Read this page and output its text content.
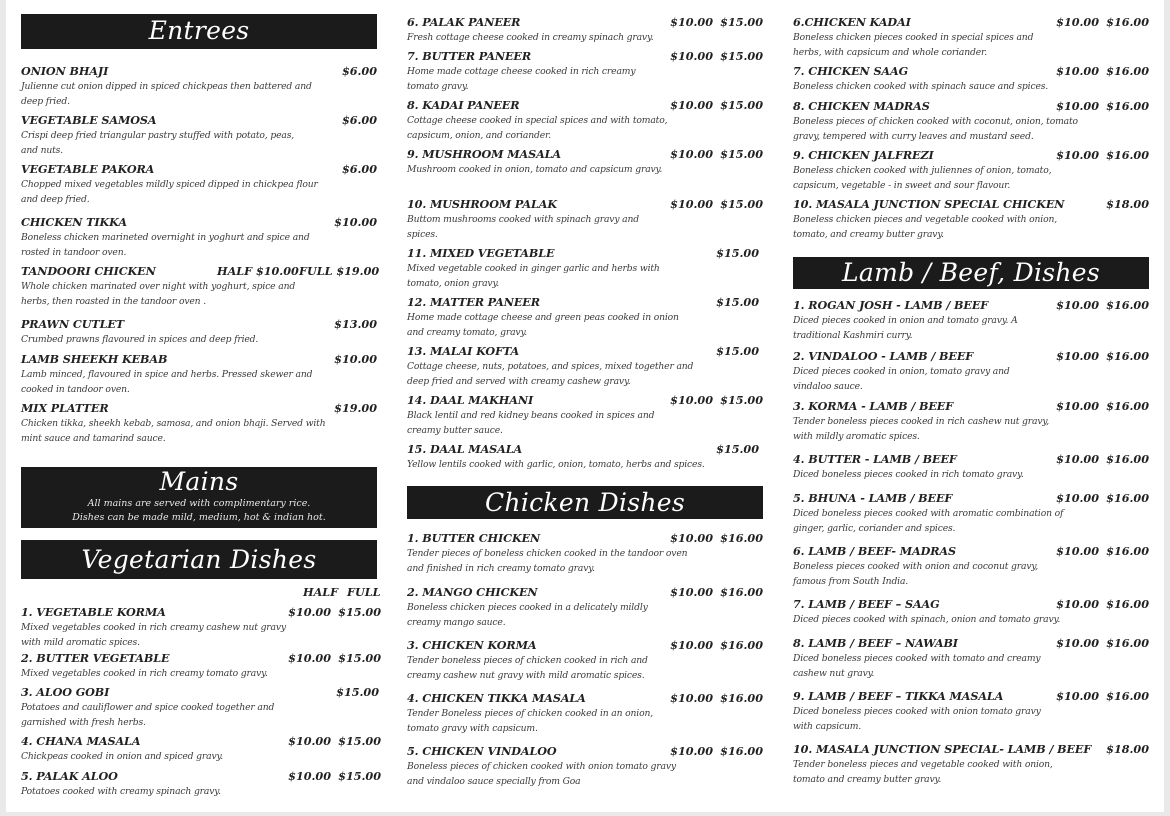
Entrees
ONION BHAJI	$6.00

Julienne cut onion dipped in spiced chickpeas then battered and deep fried.

VEGETABLE SAMOSA	$6.00

Crispi deep fried triangular pastry stuffed with potato, peas, and nuts.

VEGETABLE PAKORA	$6.00

Chopped mixed vegetables mildly spiced dipped in chickpea flour and deep fried.

CHICKEN TIKKA	$10.00

Boneless chicken marineted overnight in yoghurt and spice and rosted in tandoor oven.

TANDOORI CHICKEN	HALF $10.00 FULL $19.00

Whole chicken marinated over night with yoghurt, spice and herbs, then roasted in the tandoor oven .

PRAWN CUTLET	$13.00

Crumbed prawns flavoured in spices and deep fried.

LAMB SHEEKH KEBAB	$10.00

Lamb minced, flavoured in spice and herbs. Pressed skewer and cooked in tandoor oven.

MIX PLATTER	$19.00

Chicken tikka, sheekh kebab, samosa, and onion bhaji. Served with mint sauce and tamarind sauce.

Mains
All mains are served with complimentary rice.
Dishes can be made mild, medium, hot & indian hot.
Vegetarian Dishes
HALF FULL
1. VEGETABLE KORMA	$10.00 $15.00

Mixed vegetables cooked in rich creamy cashew nut gravy with mild aromatic spices.

2. BUTTER VEGETABLE	$10.00 $15.00

Mixed vegetables cooked in rich creamy tomato gravy.

3. ALOO GOBI	$15.00

Potatoes and cauliflower and spice cooked together and garnished with fresh herbs.

4. CHANA MASALA	$10.00 $15.00

Chickpeas cooked in onion and spiced gravy.

5. PALAK ALOO	$10.00 $15.00

Potatoes cooked with creamy spinach gravy.

6. PALAK PANEER	$10.00 $15.00

Fresh cottage cheese cooked in creamy spinach gravy.

7. BUTTER PANEER	$10.00 $15.00

Home made cottage cheese cooked in rich creamy tomato gravy.

8. KADAI PANEER	$10.00 $15.00

Cottage cheese cooked in special spices and with tomato, capsicum, onion, and coriander.

9. MUSHROOM MASALA	$10.00 $15.00

Mushroom cooked in onion, tomato and capsicum gravy.

10. MUSHROOM PALAK	$10.00 $15.00

Buttom mushrooms cooked with spinach gravy and spices.

11. MIXED VEGETABLE	$15.00

Mixed vegetable cooked in ginger garlic and herbs with tomato, onion gravy.

12. MATTER PANEER	$15.00

Home made cottage cheese and green peas cooked in onion and creamy tomato, gravy.

13. MALAI KOFTA	$15.00

Cottage cheese, nuts, potatoes, and spices, mixed together and deep fried and served with creamy cashew gravy.

14. DAAL MAKHANI	$10.00 $15.00

Black lentil and red kidney beans cooked in spices and creamy butter sauce.

15. DAAL MASALA	$15.00

Yellow lentils cooked with garlic, onion, tomato, herbs and spices.

Chicken Dishes
1. BUTTER CHICKEN	$10.00 $16.00

Tender pieces of boneless chicken cooked in the tandoor oven and finished in rich creamy tomato gravy.

2. MANGO CHICKEN	$10.00 $16.00

Boneless chicken pieces cooked in a delicately mildly creamy mango sauce.

3. CHICKEN KORMA	$10.00 $16.00

Tender boneless pieces of chicken cooked in rich and creamy cashew nut gravy with mild aromatic spices.

4. CHICKEN TIKKA MASALA	$10.00 $16.00

Tender Boneless pieces of chicken cooked in an onion, tomato gravy with capsicum.

5. CHICKEN VINDALOO	$10.00 $16.00

Boneless pieces of chicken cooked with onion tomato gravy and vindaloo sauce specially from Goa

6.CHICKEN KADAI	$10.00 $16.00

Boneless chicken pieces cooked in special spices and herbs, with capsicum and whole coriander.

7. CHICKEN SAAG	$10.00 $16.00

Boneless chicken cooked with spinach sauce and spices.

8. CHICKEN MADRAS	$10.00 $16.00

Boneless pieces of chicken cooked with coconut, onion, tomato gravy, tempered with curry leaves and mustard seed.

9. CHICKEN JALFREZI	$10.00 $16.00

Boneless chicken cooked with juliennes of onion, tomato, capsicum, vegetable - in sweet and sour flavour.

10. MASALA JUNCTION SPECIAL CHICKEN	$18.00

Boneless chicken pieces and vegetable cooked with onion, tomato, and creamy butter gravy.

Lamb / Beef, Dishes
1. ROGAN JOSH - LAMB / BEEF	$10.00 $16.00

Diced pieces cooked in onion and tomato gravy. A traditional Kashmiri curry.

2. VINDALOO - LAMB / BEEF	$10.00 $16.00

Diced pieces cooked in onion, tomato gravy and vindaloo sauce.

3. KORMA - LAMB / BEEF	$10.00 $16.00

Tender boneless pieces cooked in rich cashew nut gravy, with mildly aromatic spices.

4. BUTTER - LAMB / BEEF	$10.00 $16.00

Diced boneless pieces cooked in rich tomato gravy.

5. BHUNA - LAMB / BEEF	$10.00 $16.00

Diced boneless pieces cooked with aromatic combination of ginger, garlic, coriander and spices.

6. LAMB / BEEF- MADRAS	$10.00 $16.00

Boneless pieces cooked with onion and coconut gravy, famous from South India.

7. LAMB / BEEF – SAAG	$10.00 $16.00

Diced pieces cooked with spinach, onion and tomato gravy.

8. LAMB / BEEF – NAWABI	$10.00 $16.00

Diced boneless pieces cooked with tomato and creamy cashew nut gravy.

9. LAMB / BEEF – TIKKA MASALA	$10.00 $16.00

Diced boneless pieces cooked with onion tomato gravy with capsicum.

10. MASALA JUNCTION SPECIAL- LAMB / BEEF	$18.00

Tender boneless pieces and vegetable cooked with onion, tomato and creamy butter gravy.
